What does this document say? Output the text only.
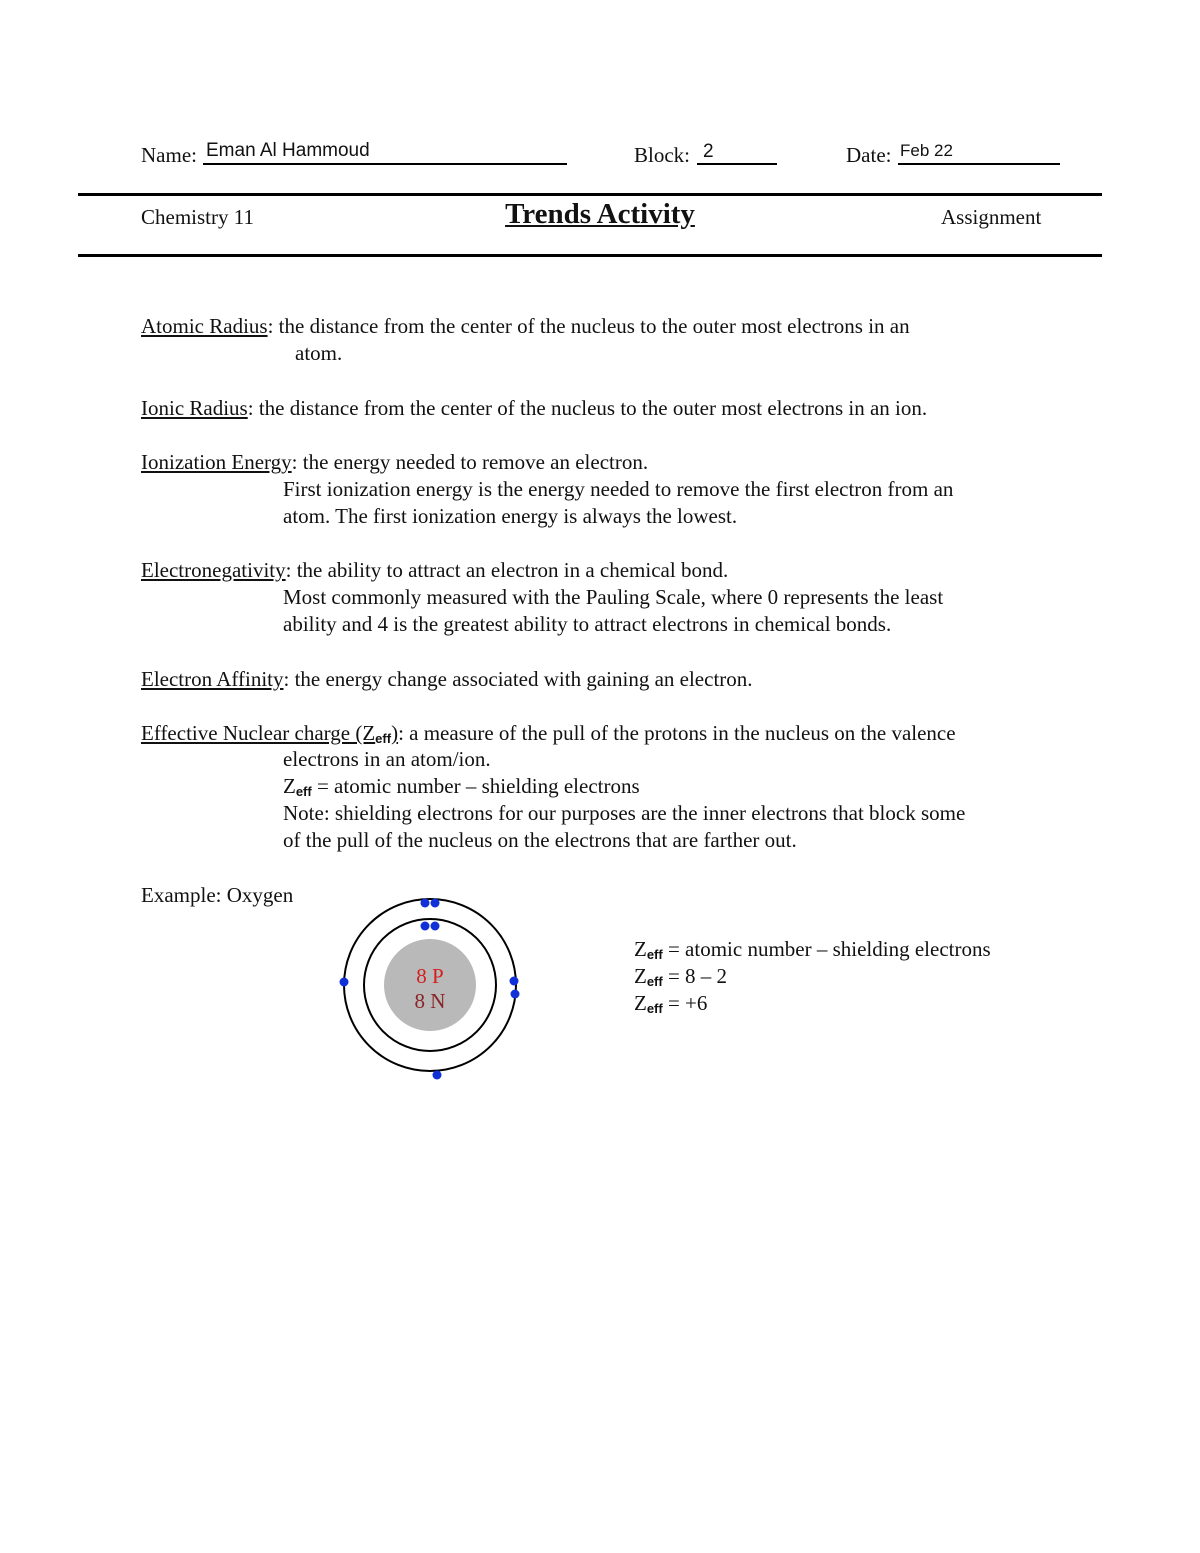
Name: Eman Al Hammoud	Block: 2	Date: Feb 22
Chemistry 11	Trends Activity	Assignment
Atomic Radius: the distance from the center of the nucleus to the outer most electrons in an
atom.
Ionic Radius: the distance from the center of the nucleus to the outer most electrons in an ion.
Ionization Energy: the energy needed to remove an electron.
First ionization energy is the energy needed to remove the first electron from an
atom. The first ionization energy is always the lowest.
Electronegativity: the ability to attract an electron in a chemical bond.
Most commonly measured with the Pauling Scale, where 0 represents the least
ability and 4 is the greatest ability to attract electrons in chemical bonds.
Electron Affinity: the energy change associated with gaining an electron.
Effective Nuclear charge $(Z_{eff})$: a measure of the pull of the protons in the nucleus on the valence
electrons in an atom/ion.
$Z_{eff}$ = atomic number – shielding electrons
Note: shielding electrons for our purposes are the inner electrons that block some
of the pull of the nucleus on the electrons that are farther out.
Example: Oxygen
8 P
8 N
$Z_{eff}$ = atomic number – shielding electrons
$Z_{eff} = 8 - 2$
$Z_{eff} = +6$
